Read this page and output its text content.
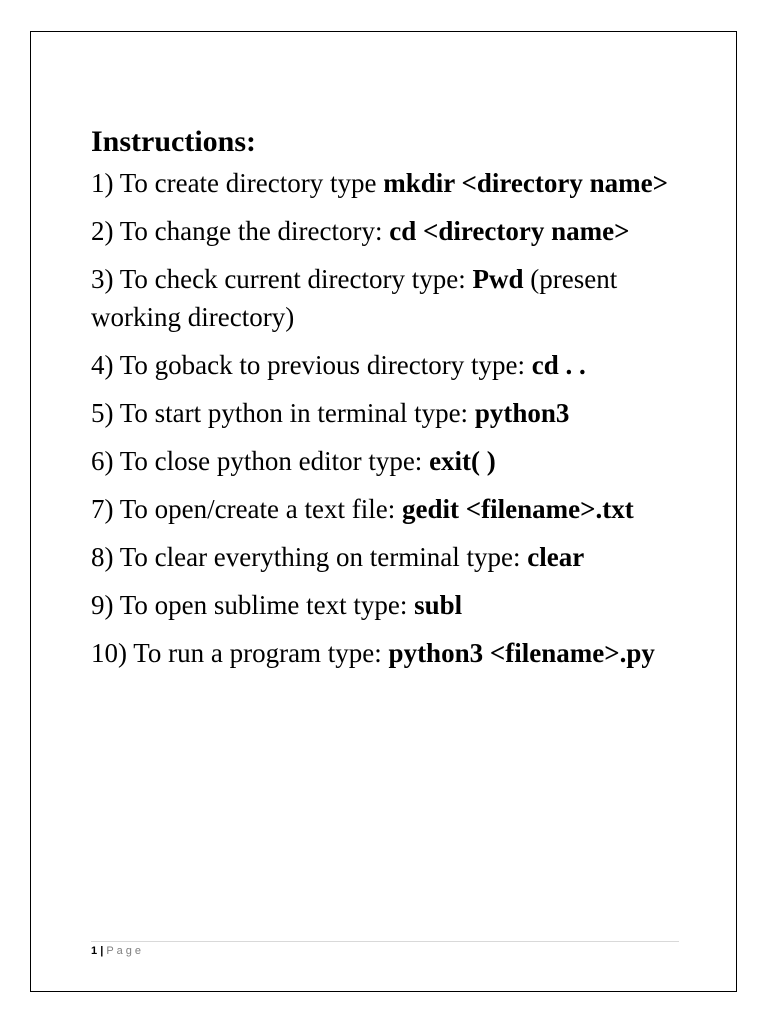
Instructions:
1) To create directory type mkdir <directory name>
2) To change the directory: cd <directory name>
3) To check current directory type: Pwd (present working directory)
4) To goback to previous directory type: cd . .
5) To start python in terminal type: python3
6) To close python editor type: exit( )
7) To open/create a text file: gedit <filename>.txt
8) To clear everything on terminal type: clear
9) To open sublime text type: subl
10) To run a program type: python3 <filename>.py
1 | Page
